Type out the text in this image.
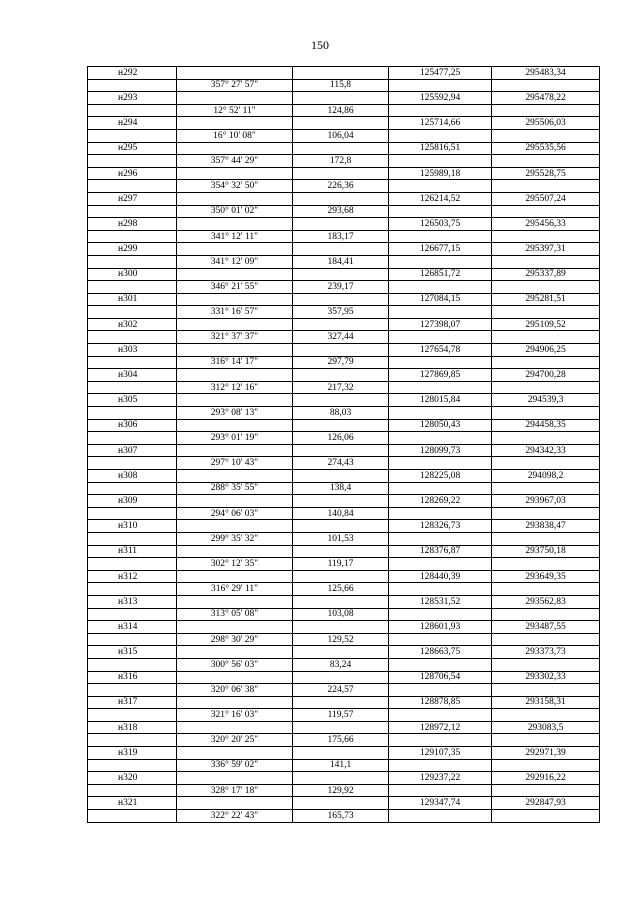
150
н292			125477,25	295483,34
	357° 27' 57"	115,8		
н293			125592,94	295478,22
	12° 52' 11"	124,86		
н294			125714,66	295506,03
	16° 10' 08"	106,04		
н295			125816,51	295535,56
	357° 44' 29"	172,8		
н296			125989,18	295528,75
	354° 32' 50"	226,36		
н297			126214,52	295507,24
	350° 01' 02"	293,68		
н298			126503,75	295456,33
	341° 12' 11"	183,17		
н299			126677,15	295397,31
	341° 12' 09"	184,41		
н300			126851,72	295337,89
	346° 21' 55"	239,17		
н301			127084,15	295281,51
	331° 16' 57"	357,95		
н302			127398,07	295109,52
	321° 37' 37"	327,44		
н303			127654,78	294906,25
	316° 14' 17"	297,79		
н304			127869,85	294700,28
	312° 12' 16"	217,32		
н305			128015,84	294539,3
	293° 08' 13"	88,03		
н306			128050,43	294458,35
	293° 01' 19"	126,06		
н307			128099,73	294342,33
	297° 10' 43"	274,43		
н308			128225,08	294098,2
	288° 35' 55"	138,4		
н309			128269,22	293967,03
	294° 06' 03"	140,84		
н310			128326,73	293838,47
	299° 35' 32"	101,53		
н311			128376,87	293750,18
	302° 12' 35"	119,17		
н312			128440,39	293649,35
	316° 29' 11"	125,66		
н313			128531,52	293562,83
	313° 05' 08"	103,08		
н314			128601,93	293487,55
	298° 30' 29"	129,52		
н315			128663,75	293373,73
	300° 56' 03"	83,24		
н316			128706,54	293302,33
	320° 06' 38"	224,57		
н317			128878,85	293158,31
	321° 16' 03"	119,57		
н318			128972,12	293083,5
	320° 20' 25"	175,66		
н319			129107,35	292971,39
	336° 59' 02"	141,1		
н320			129237,22	292916,22
	328° 17' 18"	129,92		
н321			129347,74	292847,93
	322° 22' 43"	165,73		
